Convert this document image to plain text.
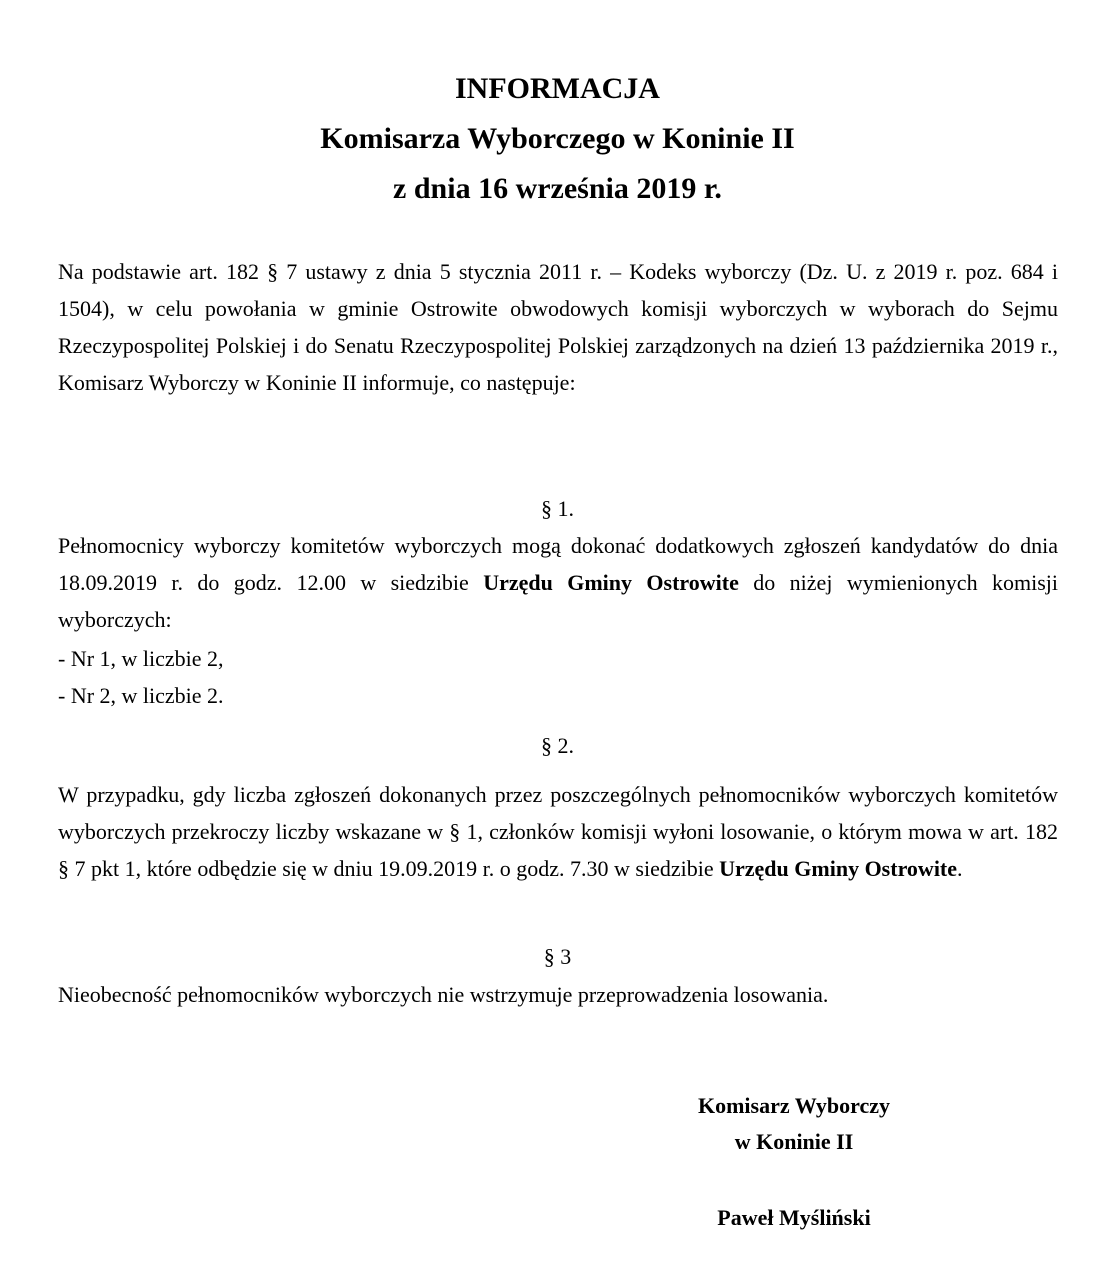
INFORMACJA
Komisarza Wyborczego w Koninie II
z dnia 16 września 2019 r.

Na podstawie art. 182 § 7 ustawy z dnia 5 stycznia 2011 r. – Kodeks wyborczy (Dz. U. z 2019 r. poz. 684 i 1504), w celu powołania w gminie Ostrowite obwodowych komisji wyborczych w wyborach do Sejmu Rzeczypospolitej Polskiej i do Senatu Rzeczypospolitej Polskiej zarządzonych na dzień 13 października 2019 r., Komisarz Wyborczy w Koninie II informuje, co następuje:

§ 1.

Pełnomocnicy wyborczy komitetów wyborczych mogą dokonać dodatkowych zgłoszeń kandydatów do dnia 18.09.2019 r. do godz. 12.00 w siedzibie Urzędu Gminy Ostrowite do niżej wymienionych komisji wyborczych:

- Nr 1, w liczbie 2,

- Nr 2, w liczbie 2.

§ 2.

W przypadku, gdy liczba zgłoszeń dokonanych przez poszczególnych pełnomocników wyborczych komitetów wyborczych przekroczy liczby wskazane w § 1, członków komisji wyłoni losowanie, o którym mowa w art. 182 § 7 pkt 1, które odbędzie się w dniu 19.09.2019 r. o godz. 7.30 w siedzibie Urzędu Gminy Ostrowite.

§ 3

Nieobecność pełnomocników wyborczych nie wstrzymuje przeprowadzenia losowania.

Komisarz Wyborczy

w Koninie II

Paweł Myśliński
